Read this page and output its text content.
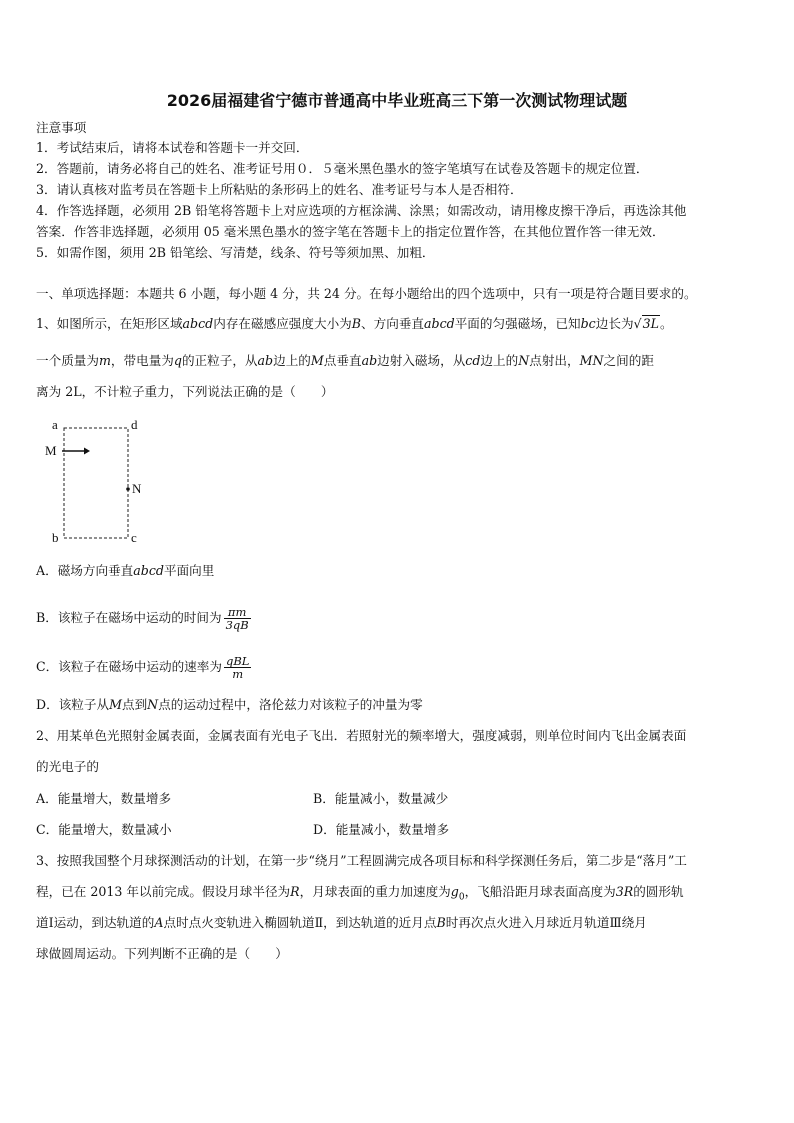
2026届福建省宁德市普通高中毕业班高三下第一次测试物理试题
注意事项
1．考试结束后，请将本试卷和答题卡一并交回．
2．答题前，请务必将自己的姓名、准考证号用０．５毫米黑色墨水的签字笔填写在试卷及答题卡的规定位置．
3．请认真核对监考员在答题卡上所粘贴的条形码上的姓名、准考证号与本人是否相符．
4．作答选择题，必须用 2B 铅笔将答题卡上对应选项的方框涂满、涂黑；如需改动，请用橡皮擦干净后，再选涂其他
答案．作答非选择题，必须用 05 毫米黑色墨水的签字笔在答题卡上的指定位置作答，在其他位置作答一律无效．
5．如需作图，须用 2B 铅笔绘、写清楚，线条、符号等须加黑、加粗．
一、单项选择题：本题共 6 小题，每小题 4 分，共 24 分。在每小题给出的四个选项中，只有一项是符合题目要求的。
1、如图所示，在矩形区域abcd内存在磁感应强度大小为B、方向垂直abcd平面的匀强磁场，已知bc边长为√3L。
一个质量为m，带电量为q的正粒子，从ab边上的M点垂直ab边射入磁场，从cd边上的N点射出，MN之间的距
离为 2L，不计粒子重力，下列说法正确的是（　　）
a	d
b	c
M
N
A．磁场方向垂直abcd平面向里
B．该粒子在磁场中运动的时间为 $\frac{\pi m}{3qB}$
C．该粒子在磁场中运动的速率为 $\frac{\text{qBL}}{m}$
D．该粒子从M点到N点的运动过程中，洛伦兹力对该粒子的冲量为零
2、用某单色光照射金属表面，金属表面有光电子飞出．若照射光的频率增大，强度减弱，则单位时间内飞出金属表面
的光电子的
A．能量增大，数量增多	B．能量减小，数量减少
C．能量增大，数量减小	D．能量减小，数量增多
3、按照我国整个月球探测活动的计划，在第一步“绕月”工程圆满完成各项目标和科学探测任务后，第二步是“落月”工
程，已在 2013 年以前完成。假设月球半径为R，月球表面的重力加速度为$g_0$，飞船沿距月球表面高度为3R的圆形轨
道Ⅰ运动，到达轨道的A点时点火变轨进入椭圆轨道Ⅱ，到达轨道的近月点B时再次点火进入月球近月轨道Ⅲ绕月
球做圆周运动。下列判断不正确的是（　　）
